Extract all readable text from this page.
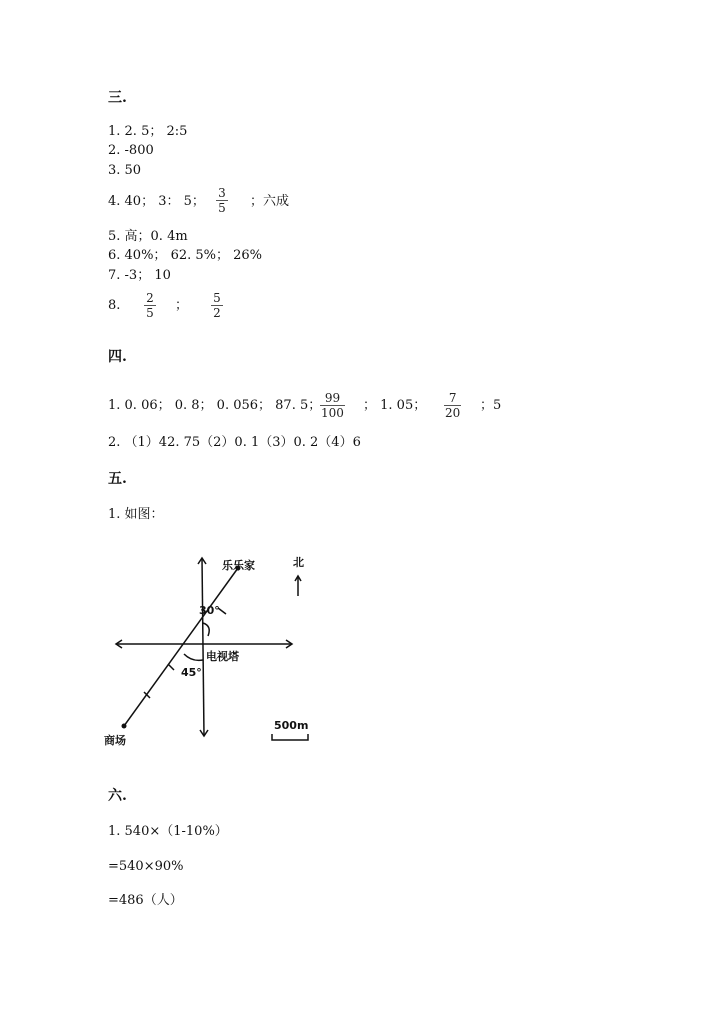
三.
1. 2. 5； 2:5
2. -800
3. 50
4. 40； 3： 5；
3
5 ；六成
5. 高；0. 4m
6. 40%； 62. 5%； 26%
7. -3； 10
8. 2
5 ； 5
2
四.
1. 0. 06； 0. 8； 0. 056； 87. 5； 99
100 ； 1. 05； 7
20 ；5
2. （1）42. 75（2）0. 1（3）0. 2（4）6
五.
1. 如图：
乐乐家	北
30°
电视塔
45°
商场
500m
六.
1. 540×（1-10%）
=540×90%
=486（人）
